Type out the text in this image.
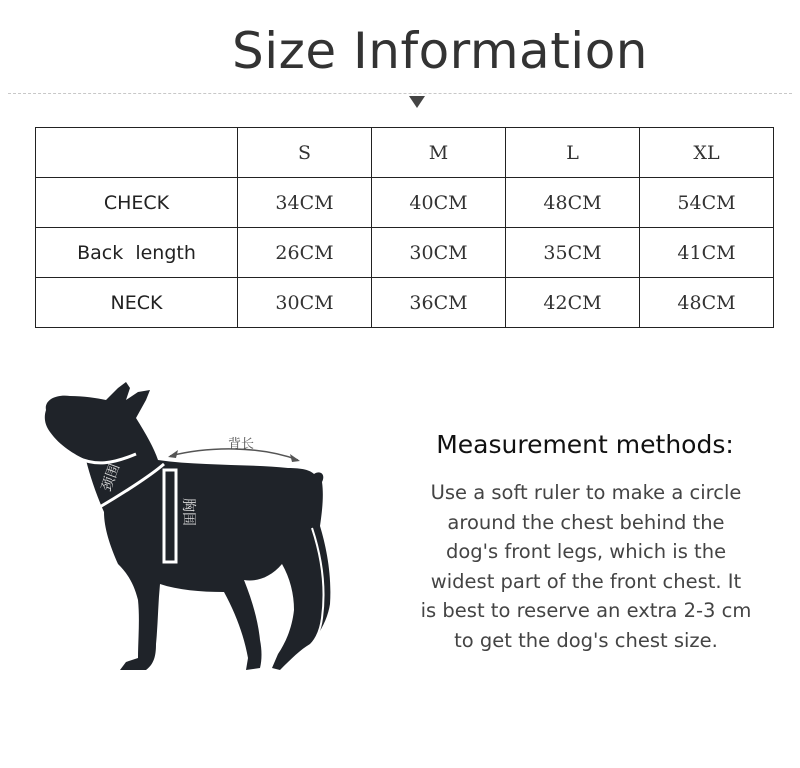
Size Information
	S	M	L	XL
CHECK	34CM	40CM	48CM	54CM
Back  length	26CM	30CM	35CM	41CM
NECK	30CM	36CM	42CM	48CM
背长
颈围
胸围
Measurement methods:
Use a soft ruler to make a circle around the chest behind the dog's front legs, which is the widest part of the front chest. It is best to reserve an extra 2-3 cm to get the dog's chest size.
